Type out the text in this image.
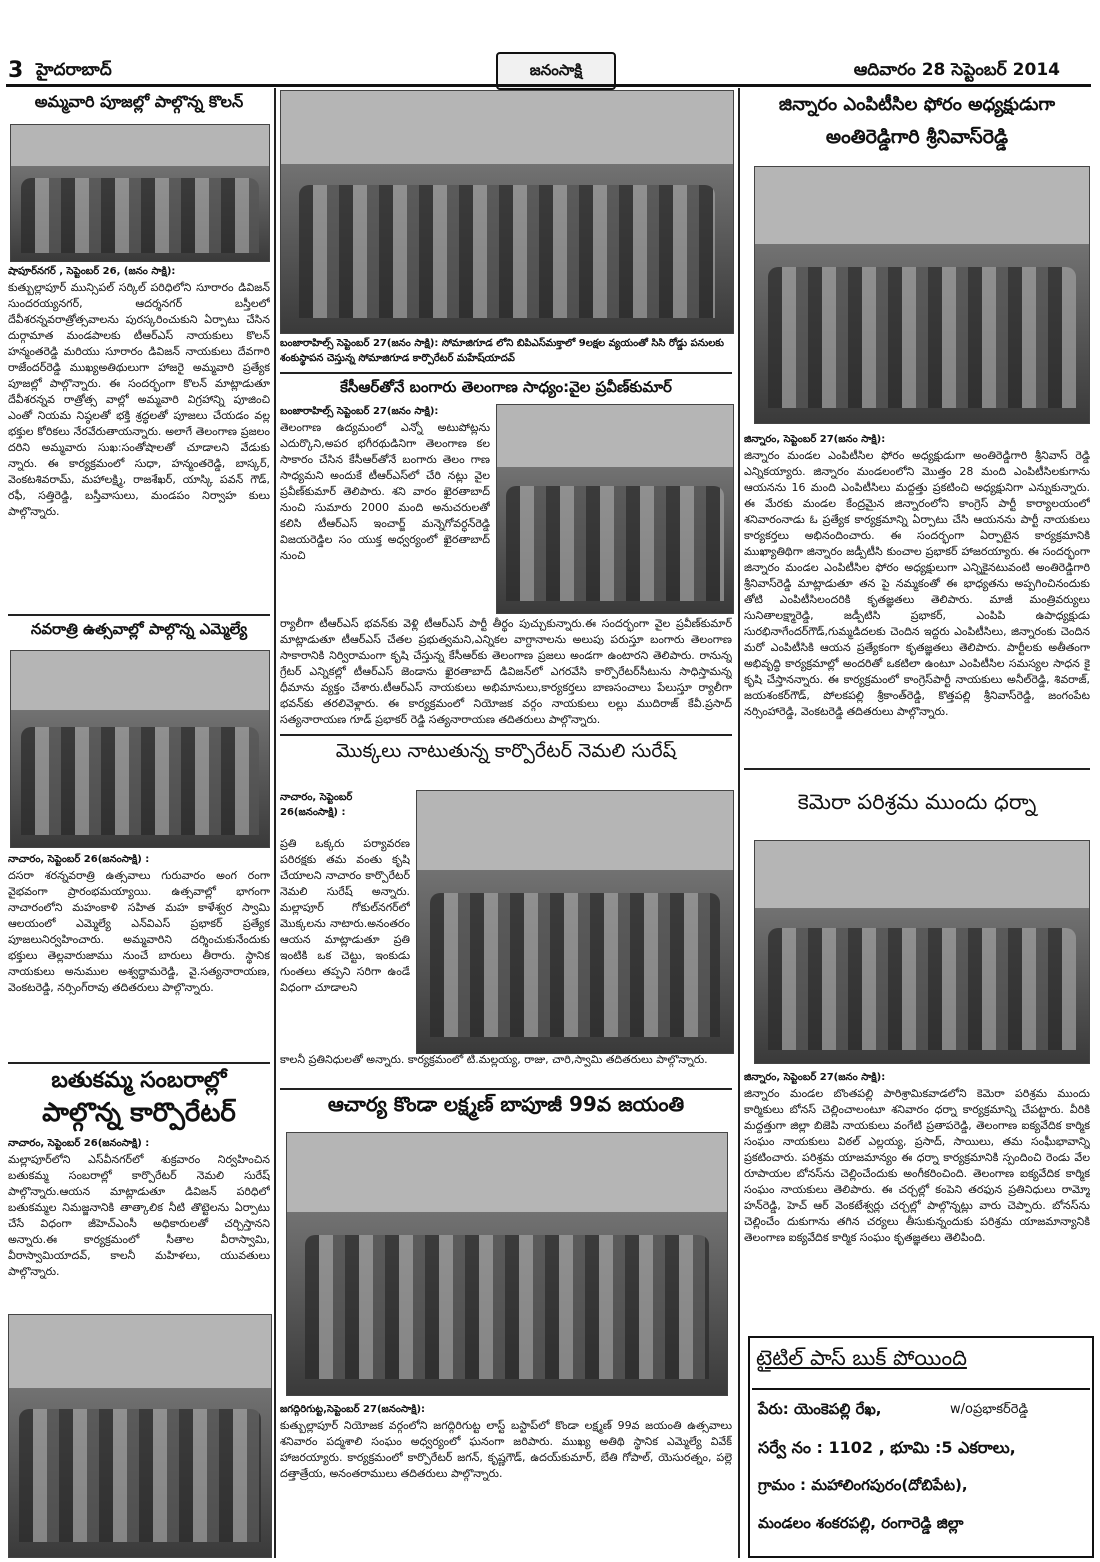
3 హైదరాబాద్	జనంసాక్షి	ఆదివారం 28 సెప్టెంబర్ 2014
అమ్మవారి పూజల్లో పాల్గొన్న కొలన్
షాపూర్‌నగర్ , సెప్టెంబర్ 26, (జనం సాక్షి):
కుత్బుల్లాపూర్ మున్సిపల్ సర్కిల్ పరిధిలోని సూరారం డివిజన్ సుందరయ్యనగర్, ఆదర్శనగర్ బస్తీలలో దేవీశరన్నవరాత్రోత్సవాలను పురస్కరించుకుని ఏర్పాటు చేసిన దుర్గామాత మండపాలకు టీఆర్‌ఎస్ నాయకులు కొలన్ హన్మంతరెడ్డి మరియు సూరారం డివిజన్ నాయకులు దేవగారి రాజేందర్‌రెడ్డి ముఖ్యఅతిథులుగా హాజరై అమ్మవారి ప్రత్యేక పూజల్లో పాల్గొన్నారు. ఈ సందర్భంగా కొలన్ మాట్లాడుతూ దేవీశరన్నవ రాత్రోత్స వాల్లో అమ్మవారి విగ్రహాన్ని పూజించి ఎంతో నియమ నిష్ఠలతో భక్తి శ్రద్ధలతో పూజలు చేయడం వల్ల భక్తుల కోరికలు నేరవేరుతాయన్నారు. అలాగే తెలంగాణ ప్రజలం దరిని అమ్మవారు సుఖ:సంతోషాలతో చూడాలని వేడుకు న్నారు. ఈ కార్యక్రమంలో సుధా, హన్మంతరెడ్డి, బాస్కర్, వెంకటశివరామ్, మహాలక్ష్మి, రాజశేఖర్, యాస్కి పవన్ గౌడ్, రఫీ, సత్తిరెడ్డి, బస్తీవాసులు, మండపం నిర్వాహ కులు పాల్గొన్నారు.
నవరాత్రి ఉత్సవాల్లో పాల్గొన్న ఎమ్మెల్యే
నాచారం, సెప్టెంబర్ 26(జనంసాక్షి) :
దసరా శరన్నవరాత్రి ఉత్సవాలు గురువారం అంగ రంగా వైభవంగా ప్రారంభమయ్యాయి. ఉత్సవాల్లో భాగంగా నాచారంలోని మహంకాళి సహిత మహ కాళేశ్వర స్వామి ఆలయంలో ఎమ్మెల్యే ఎన్‌విఎస్ ప్రభాకర్ ప్రత్యేక పూజలునిర్వహించారు. అమ్మవారిని దర్శించుకునేందుకు భక్తులు తెల్లవారుజాము నుంచే బారులు తీరారు. స్థానిక నాయకులు అనుముల అశ్వద్ధామరెడ్డి, వై.సత్యనారాయణ, వెంకటరెడ్డి, నర్సింగ్‌రావు తదితరులు పాల్గొన్నారు.
బతుకమ్మ సంబరాల్లో
పాల్గొన్న కార్పొరేటర్
నాచారం, సెప్టెంబర్ 26(జనంసాక్షి) :
మల్లాపూర్‌లోని ఎస్‌వీనగర్‌లో శుక్రవారం నిర్వహించిన బతుకమ్మ సంబరాల్లో కార్పొరేటర్ నెమలి సురేష్ పాల్గొన్నారు.ఆయన మాట్లాడుతూ డివిజన్ పరిధిలో బతుకమ్మల నిమజ్జనానికి తాత్కాలిక నీటి తొట్టెలను ఏర్పాటు చేసే విధంగా జీహెచ్‌ఎంసీ అధికారులతో చర్చిస్తానని అన్నారు.ఈ కార్యక్రమంలో సీతాల వీరాస్వామి, వీరాస్వామియాదవ్, కాలనీ మహిళలు, యువతులు పాల్గొన్నారు.
బంజారాహిల్స్ సెప్టెంబర్ 27(జనం సాక్షి): సోమాజిగూడ లోని బిపిఎస్‌మక్తాలో 9లక్షల వ్యయంతో సిసి రోడ్డు పనులకు శంకుస్థాపన చెస్తున్న సోమాజిగూడ కార్పొరేటర్ మహేష్‌యాదవ్
కేసీఆర్‌తోనే బంగారు తెలంగాణ సాధ్యం:వైల ప్రవీణ్‌కుమార్
బంజారాహిల్స్ సెప్టెంబర్ 27(జనం సాక్షి):
తెలంగాణ ఉద్యమంలో ఎన్నో అటుపోట్లను ఎదుర్కొని,అపర భగీరథుడినిగా తెలంగాణ కల సాకారం చేసిన కేసీఆర్‌తోనే బంగారు తెలం గాణ సాధ్యమని అందుకే టీఆర్‌ఎస్‌లో చేరి నట్లు వైల ప్రవీణ్‌కుమార్ తెలిపారు. శని వారం ఖైరతాబాద్ నుంచి సుమారు 2000 మంది అనుచరులతో కలిసి టీఆర్‌ఎస్ ఇంచార్జ్ మన్నెగోవర్ధన్‌రెడ్డి విజయరెడ్డిల సం యుక్త అధ్వర్యంలో ఖైరతాబాద్ నుంచి
ర్యాలీగా టీఆర్‌ఎస్ భవన్‌కు వెళ్లి టీఆర్‌ఎస్ పార్టీ తీర్థం పుచ్చుకున్నారు.ఈ సందర్భంగా వైల ప్రవీణ్‌కుమార్ మాట్లాడుతూ టీఆర్‌ఎస్ చేతల ప్రభుత్వమని,ఎన్నికల వాగ్దానాలను అలుపు పరుస్తూ బంగారు తెలంగాణ సాకారానికి నిర్విరామంగా కృషి చేస్తున్న కేసీఆర్‌కు తెలంగాణ ప్రజలు అండగా ఉంటారని తెలిపారు. రానున్న గ్రేటర్ ఎన్నికల్లో టీఆర్‌ఎస్ జెండాను ఖైరతాబాద్ డివిజన్‌లో ఎగరవేసి కార్పొరేటర్‌సీటును సాధిస్తామన్న ధీమాను వ్యక్తం చేశారు.టీఆర్‌ఎస్ నాయకులు అభిమానులు,కార్యకర్తలు బాణసంచాలు పేలుస్తూ ర్యాలీగా భవన్‌కు తరలివెళ్లారు. ఈ కార్యక్రమంలో నియోజక వర్గం నాయకులు లల్లు ముదిరాజ్ కేవీ.ప్రసాద్ సత్యనారాయణ గూడ్ ప్రభాకర్ రెడ్డి సత్యనారాయణ తదితరులు పాల్గొన్నారు.
మొక్కలు నాటుతున్న కార్పొరేటర్ నెమలి సురేష్
నాచారం, సెప్టెంబర్ 26(జనంసాక్షి) :
ప్రతి ఒక్కరు పర్యావరణ పరిరక్షకు తమ వంతు కృషి చేయాలని నాచారం కార్పొరేటర్ నెమలి సురేష్ అన్నారు. మల్లాపూర్ గోకుల్‌నగర్‌లో మొక్కలను నాటారు.అనంతరం ఆయన మాట్లాడుతూ ప్రతి ఇంటికి ఒక చెట్టు, ఇంకుడు గుంతలు తప్పని సరిగా ఉండే విధంగా చూడాలని
కాలనీ ప్రతినిధులతో అన్నారు. కార్యక్రమంలో టి.మల్లయ్య, రాజు, చారి,స్వామి తదితరులు పాల్గొన్నారు.
ఆచార్య కొండా లక్ష్మణ్ బాపూజీ 99వ జయంతి
జగద్గిరిగుట్ట,సెప్టెంబర్ 27(జనంసాక్షి):
కుత్బుల్లాపూర్ నియోజక వర్గంలోని జగద్గిరిగుట్ట లాస్ట్ బస్టాప్‌లో కొండా లక్ష్మణ్ 99వ జయంతి ఉత్సవాలు శనివారం పద్మశాలి సంఘం అధ్వర్యంలో ఘనంగా జరిపారు. ముఖ్య అతిథి స్థానిక ఎమ్మెల్యే వివేక్ హాజరయ్యారు. కార్యక్రమంలో కార్పొరేటర్ జగన్, కృష్ణగౌడ్, ఉదయ్‌కుమార్, బేతి గోపాల్, యెసురత్నం, పల్లె దత్తాత్రేయ, అనంతరాములు తదితరులు పాల్గొన్నారు.
జిన్నారం ఎంపిటీసిల ఫోరం అధ్యక్షుడుగా
అంతిరెడ్డిగారి శ్రీనివాస్‌రెడ్డి
జిన్నారం, సెప్టెంబర్ 27(జనం సాక్షి):
జిన్నారం మండల ఎంపిటీసిల ఫోరం అధ్యక్షుడుగా అంతిరెడ్డిగారి శ్రీనివాస్ రెడ్డి ఎన్నికయ్యారు. జిన్నారం మండలంలోని మొత్తం 28 మంది ఎంపిటీసిలకుగాను ఆయనను 16 మంది ఎంపిటీసిలు మద్దత్తు ప్రకటించి అధ్యక్షునిగా ఎన్నుకున్నారు. ఈ మేరకు మండల కేంద్రమైన జిన్నారంలోని కాంగ్రెస్ పార్టీ కార్యాలయంలో శనివారంనాడు ఓ ప్రత్యేక కార్యక్రమాన్ని ఏర్పాటు చేసి ఆయనను పార్టీ నాయకులు కార్యకర్తలు అభినందించారు. ఈ సందర్భంగా ఏర్పాటైన కార్యక్రమానికి ముఖ్యాతిథిగా జిన్నారం జడ్పీటీసి కుంచాల ప్రభాకర్ హాజరయ్యారు. ఈ సందర్భంగా జిన్నారం మండల ఎంపిటీసిల ఫోరం అధ్యక్షులుగా ఎన్నికైనటువంటి అంతిరెడ్డిగారి శ్రీనివాస్‌రెడ్డి మాట్లాడుతూ తన పై నమ్మకంతో ఈ భాధ్యతను అప్పగించినందుకు తోటి ఎంపిటీసిలందరికి కృతజ్ఞతలు తెలిపారు. మాజీ మంత్రివర్యులు సునితాలక్ష్మారెడ్డి, జడ్పీటిసి ప్రభాకర్, ఎంపిపి ఉపాధ్యక్షుడు సురభినాగేందర్‌గౌడ్,గుమ్మడిదలకు చెందిన ఇద్దరు ఎంపిటీసిలు, జిన్నారంకు చెందిన మరో ఎంపిటీసికి ఆయన ప్రత్యేకంగా కృతజ్ఞతలు తెలిపారు. పార్టీలకు అతీతంగా అభివృద్ధి కార్యక్రమాల్లో అందరితో ఒకటిలా ఉంటూ ఎంపిటీసిల సమస్యల సాధన కై కృషి చేస్తానన్నారు. ఈ కార్యక్రమంలో కాంగ్రెస్‌పార్టీ నాయకులు అనీల్‌రెడ్డి, శివరాజ్, జయశంకర్‌గౌడ్, పోలకపల్లి శ్రీకాంత్‌రెడ్డి, కొత్తపల్లి శ్రీనివాస్‌రెడ్డి, జంగంపేట నర్సింహారెడ్డి, వెంకటరెడ్డి తదితరులు పాల్గొన్నారు.
కెమెరా పరిశ్రమ ముందు ధర్నా
జిన్నారం, సెప్టెంబర్ 27(జనం సాక్షి):
జిన్నారం మండల బొంతపల్లి పారిశ్రామికవాడలోని కెమెరా పరిశ్రమ ముందు కార్మికులు బోనస్ చెల్లించాలంటూ శనివారం ధర్నా కార్యక్రమాన్ని చేపట్టారు. వీరికి మద్దత్తుగా జిల్లా బిజెపి నాయకులు వంగేటి ప్రతాపరెడ్డి, తెలంగాణ ఐక్యవేదిక కార్మిక సంఘం నాయకులు విఠల్ ఎల్లయ్య, ప్రసాద్, సాయిలు, తమ సంఘీభావాన్ని ప్రకటించారు. పరిశ్రమ యాజమాన్యం ఈ ధర్నా కార్యక్రమానికి స్పందించి రెండు వేల రూపాయల బోనస్‌ను చెల్లించేందుకు అంగీకరించింది. తెలంగాణ ఐక్యవేదిక కార్మిక సంఘం నాయకులు తెలిపారు. ఈ చర్చల్లో కంపెని తరఫున ప్రతినిధులు రామ్మో హన్‌రెడ్డి, హెచ్ ఆర్ వెంకటేశ్వర్లు చర్చల్లో పాల్గొన్నట్లు వారు చెప్పారు. బోనస్‌ను చెల్లించేం దుకుగాను తగిన చర్యలు తీసుకున్నందుకు పరిశ్రమ యాజమాన్యానికి తెలంగాణ ఐక్యవేదిక కార్మిక సంఘం కృతజ్ఞతలు తెలిపింది.
టైటిల్ పాస్ బుక్ పోయింది
పేరు: యెంకెపల్లి రేఖ,	w/oప్రభాకర్‌రెడ్డి
సర్వే నం : 1102 , భూమి :5 ఎకరాలు,
గ్రామం : మహాలింగపురం(దోబిపేట),
మండలం శంకరపల్లి, రంగారెడ్డి జిల్లా
